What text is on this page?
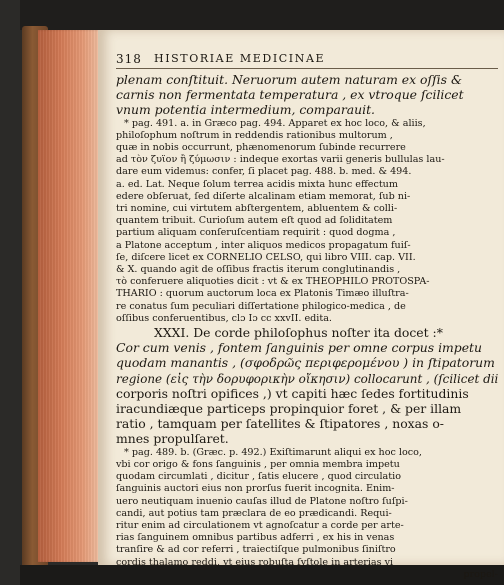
318 HISTORIAE MEDICINAE
plenam conſtituit. Neruorum autem naturam ex oſſis &
carnis non fermentata temperatura , ex vtroque ſcilicet
vnum potentia intermedium, comparauit.
* pag. 491. a. in Græco pag. 494. Apparet ex hoc loco, & aliis,
philoſophum noſtrum in reddendis rationibus multorum ,
quæ in nobis occurrunt, phænomenorum ſubinde recurrere
ad τὸν ζυϊον ἢ ζύμωσιν : indeque exortas varii generis bullulas lau-
dare eum videmus: confer, ſi placet pag. 488. b. med. & 494.
a. ed. Lat. Neque ſolum terrea acidis mixta hunc effectum
edere obſeruat, ſed diſerte alcalinam etiam memorat, ſub ni-
tri nomine, cui virtutem abſtergentem, abluentem & colli-
quantem tribuit. Curioſum autem eſt quod ad ſoliditatem
partium aliquam conſeruſcentiam requirit : quod dogma ,
a Platone acceptum , inter aliquos medicos propagatum fuiſ-
ſe, diſcere licet ex CORNELIO CELSO, qui libro VIII. cap. VII.
& X. quando agit de oſſibus fractis iterum conglutinandis ,
τὸ conferuere aliquoties dicit : vt & ex THEOPHILO PROTOSPA-
THARIO : quorum auctorum loca ex Platonis Timæo illuſtra-
re conatus ſum peculiari diſſertatione philogico-medica , de
oſſibus conferuentibus, clɔ Iɔ cc xxvII. edita.
XXXI. De corde philoſophus noſter ita docet :*
Cor cum venis , fontem ſanguinis per omne corpus impetu
quodam manantis , (σφοδρῶς περιφερομένου ) in ſtipatorum
regione (εἰς τὴν δορυφορικὴν οἴκησιν) collocarunt , (ſcilicet dii
corporis noſtri opifices ,) vt capiti hæc ſedes fortitudinis
iracundiæque particeps propinquior foret , & per illam
ratio , tamquam per ſatellites & ſtipatores , noxas o-
mnes propulſaret.
* pag. 489. b. (Græc. p. 492.) Exiſtimarunt aliqui ex hoc loco,
vbi cor origo & fons ſanguinis , per omnia membra impetu
quodam circumlati , dicitur , ſatis elucere , quod circulatio
ſanguinis auctori eius non prorſus fuerit incognita. Enim-
uero neutiquam inuenio cauſas illud de Platone noſtro ſuſpi-
candi, aut potius tam præclara de eo prædicandi. Requi-
ritur enim ad circulationem vt agnoſcatur a corde per arte-
rias ſanguinem omnibus partibus adferri , ex his in venas
tranſire & ad cor referri , traiectiſque pulmonibus ſiniſtro
cordis thalamo reddi, vt eius robuſta ſyſtole in arterias vi
propel-
